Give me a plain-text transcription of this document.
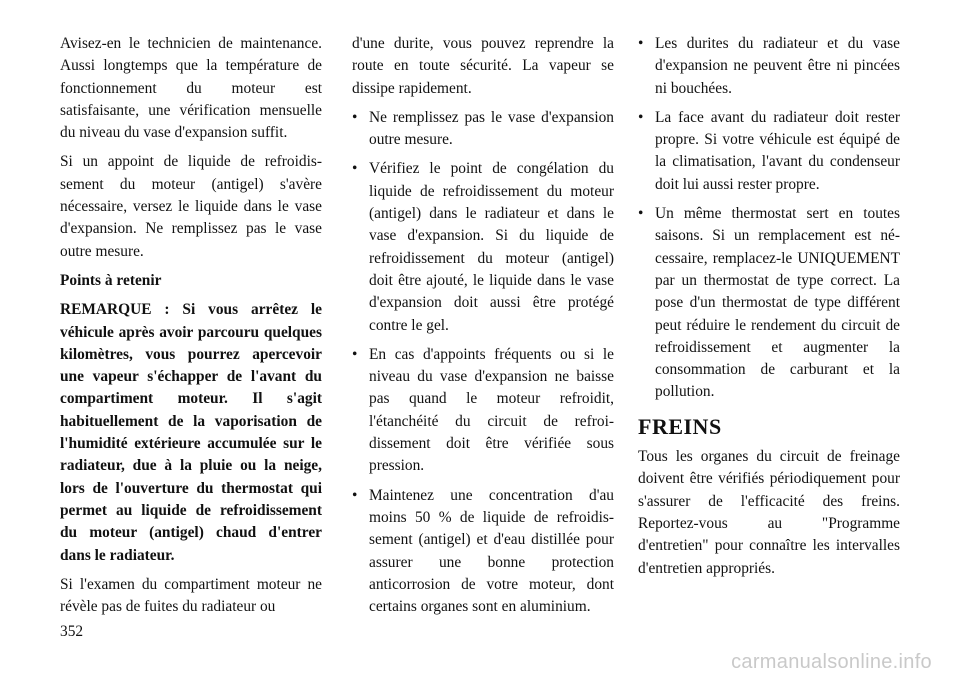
Avisez-en le technicien de maintenance. Aussi longtemps que la température de fonctionnement du moteur est satisfaisante, une vérification mensuelle du niveau du vase d'expansion suffit.

Si un appoint de liquide de refroidissement du moteur (antigel) s'avère nécessaire, versez le liquide dans le vase d'expansion. Ne remplissez pas le vase outre mesure.

Points à retenir

REMARQUE : Si vous arrêtez le véhicule après avoir parcouru quelques kilomètres, vous pourrez apercevoir une vapeur s'échapper de l'avant du compartiment moteur. Il s'agit habituellement de la vaporisation de l'humidité extérieure accumulée sur le radiateur, due à la pluie ou la neige, lors de l'ouverture du thermostat qui permet au liquide de refroidissement du moteur (antigel) chaud d'entrer dans le radiateur.

Si l'examen du compartiment moteur ne révèle pas de fuites du radiateur ou

d'une durite, vous pouvez reprendre la route en toute sécurité. La vapeur se dissipe rapidement.

• Ne remplissez pas le vase d'expansion outre mesure.
• Vérifiez le point de congélation du liquide de refroidissement du moteur (antigel) dans le radiateur et dans le vase d'expansion. Si du liquide de refroidissement du moteur (antigel) doit être ajouté, le liquide dans le vase d'expansion doit aussi être protégé contre le gel.
• En cas d'appoints fréquents ou si le niveau du vase d'expansion ne baisse pas quand le moteur refroidit, l'étanchéité du circuit de refroidissement doit être vérifiée sous pression.
• Maintenez une concentration d'au moins 50 % de liquide de refroidissement (antigel) et d'eau distillée pour assurer une bonne protection anticorrosion de votre moteur, dont certains organes sont en aluminium.
• Les durites du radiateur et du vase d'expansion ne peuvent être ni pincées ni bouchées.
• La face avant du radiateur doit rester propre. Si votre véhicule est équipé de la climatisation, l'avant du condenseur doit lui aussi rester propre.
• Un même thermostat sert en toutes saisons. Si un remplacement est nécessaire, remplacez-le UNIQUEMENT par un thermostat de type correct. La pose d'un thermostat de type différent peut réduire le rendement du circuit de refroidissement et augmenter la consommation de carburant et la pollution.
FREINS

Tous les organes du circuit de freinage doivent être vérifiés périodiquement pour s'assurer de l'efficacité des freins. Reportez-vous au "Programme d'entretien" pour connaître les intervalles d'entretien appropriés.

352
carmanualsonline.info
